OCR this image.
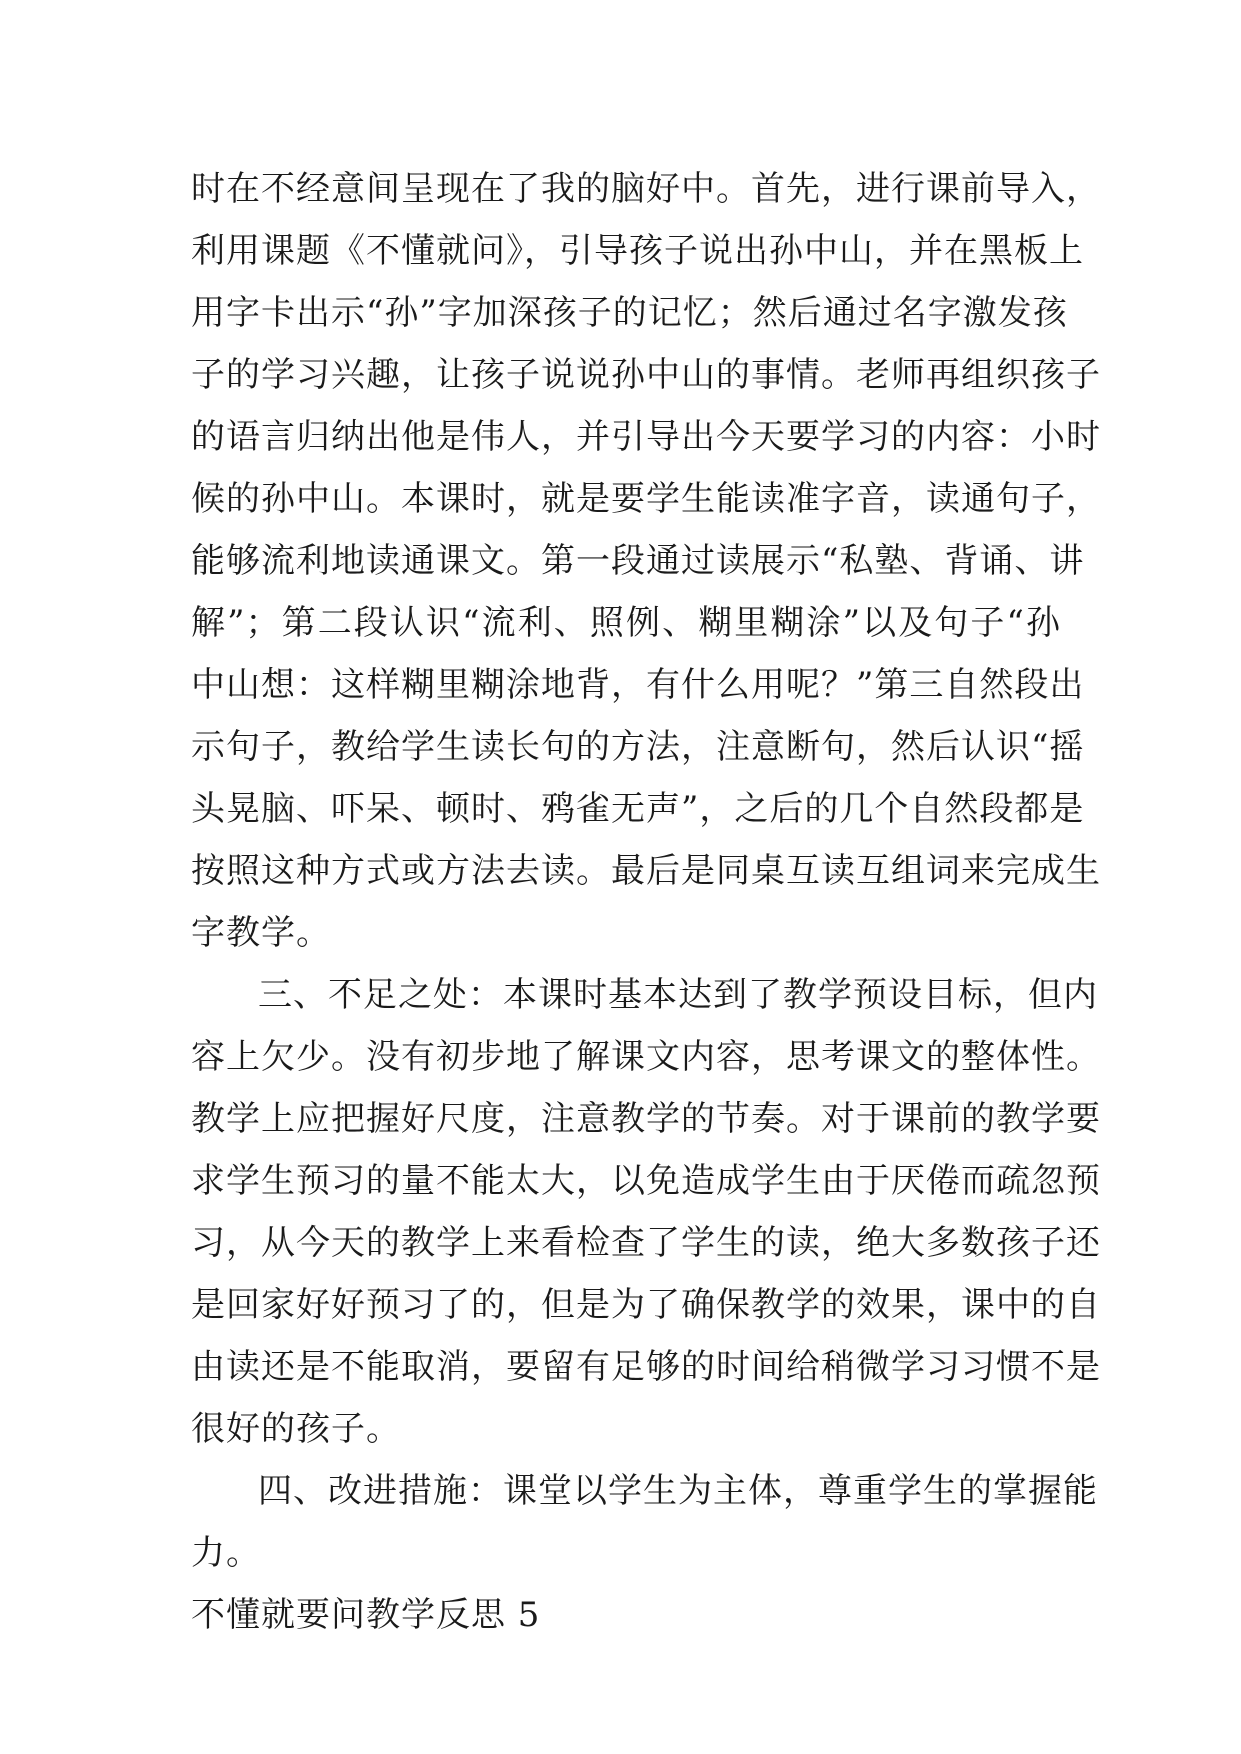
时在不经意间呈现在了我的脑好中。首先，进行课前导入，
利用课题《不懂就问》，引导孩子说出孙中山，并在黑板上
用字卡出示“孙”字加深孩子的记忆；然后通过名字激发孩
子的学习兴趣，让孩子说说孙中山的事情。老师再组织孩子
的语言归纳出他是伟人，并引导出今天要学习的内容：小时
候的孙中山。本课时，就是要学生能读准字音，读通句子，
能够流利地读通课文。第一段通过读展示“私塾、背诵、讲
解”；第二段认识“流利、照例、糊里糊涂”以及句子“孙
中山想：这样糊里糊涂地背，有什么用呢？”第三自然段出
示句子，教给学生读长句的方法，注意断句，然后认识“摇
头晃脑、吓呆、顿时、鸦雀无声”，之后的几个自然段都是
按照这种方式或方法去读。最后是同桌互读互组词来完成生
字教学。
三、不足之处：本课时基本达到了教学预设目标，但内
容上欠少。没有初步地了解课文内容，思考课文的整体性。
教学上应把握好尺度，注意教学的节奏。对于课前的教学要
求学生预习的量不能太大，以免造成学生由于厌倦而疏忽预
习，从今天的教学上来看检查了学生的读，绝大多数孩子还
是回家好好预习了的，但是为了确保教学的效果，课中的自
由读还是不能取消，要留有足够的时间给稍微学习习惯不是
很好的孩子。
四、改进措施：课堂以学生为主体，尊重学生的掌握能
力。
不懂就要问教学反思 5
